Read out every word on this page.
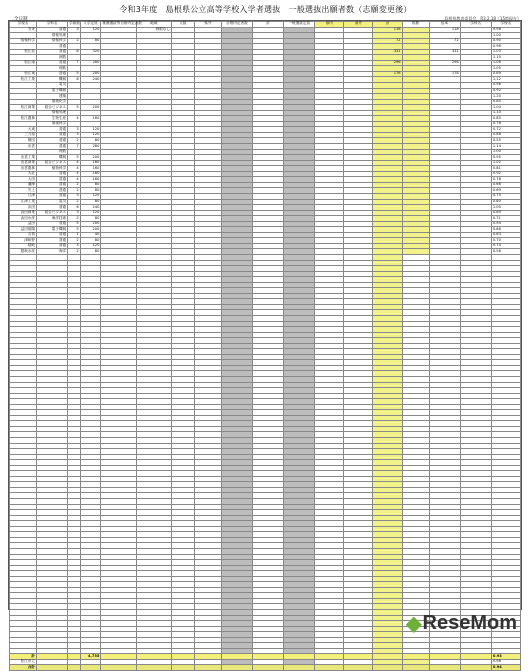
令和3年度　島根県公立高等学校入学者選抜　一般選抜出願者数（志願変更後）
全日制	島根県教育委員会　R3.2.18（15時現在）
学校名	学科名	学級数	入学定員	推薦選抜等合格内定者数	地域	人数	県外	合格内定者数	計	一般選抜定員	県内	県外	計	推薦	倍率	学科名	学校名
安来	普通	3	120		制限なし								118		118		0.98
	情報処理																1.00
情報科学	情報科学	2	80										72		72		0.90
	普通																0.96
松江北	普通	8	320										331		331		1.03
	理数																1.10
松江南	普通	7	280										296		296		1.06
	理数																1.05
松江東	普通	5	200										178		178		0.89
松江工業	機械	6	240														1.12
	電気																0.96
	電子機械																0.92
	建築																1.20
	環境化学																0.80
松江商業	総合ビジネス	5	200														1.04
	情報処理																1.10
松江農林	生物生産	4	160														0.85
	環境科学																0.78
大東	普通	3	120														0.72
三刀屋	普通	3	120														0.88
横田	普通	2	80														0.55
出雲	普通	7	280														1.14
	理数																1.00
出雲工業	機械	5	200														0.95
出雲商業	総合ビジネス	4	160														1.02
出雲農林	植物科学	4	160														0.81
大社	普通	4	160														0.92
大田	普通	4	160														0.78
邇摩	普通	2	80														0.66
矢上	普通	2	80														0.69
江津	普通	3	120														0.75
江津工業	電気	2	80														0.60
浜田	普通	6	240														1.05
浜田商業	総合ビジネス	3	120														0.89
浜田水産	海洋技術	2	80														0.71
益田	普通	5	200														0.94
益田翔陽	電子機械	5	200														0.86
吉賀	普通	1	40														0.63
津和野	普通	2	80														0.70
隠岐	普通	3	120														0.74
隠岐水産	海洋	2	80														0.58

計			4,735														0.93
松江市立																	0.98
合計																	0.94
◆ ReseMom
